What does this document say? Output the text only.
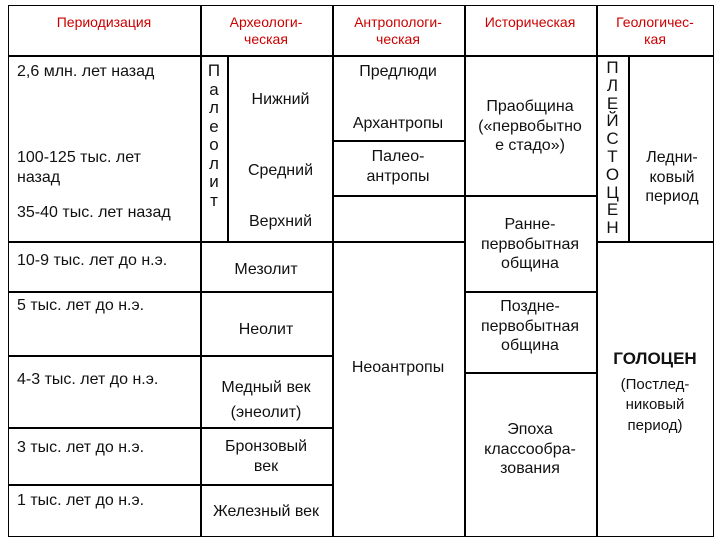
Периодизация	Археологи-
ческая
Антропологи-
ческая
Историческая	Геологичес-
кая
2,6 млн. лет назад
100-125 тыс. лет
назад
35-40 тыс. лет назад
10-9 тыс. лет до н.э.
5 тыс. лет до н.э.
4-3 тыс. лет до н.э.
3 тыс. лет до н.э.
1 тыс. лет до н.э.
П
а
л
е
о
л
и
т
Нижний
Средний
Верхний
Мезолит
Неолит
Медный век
(энеолит)
Бронзовый
век
Железный век
Предлюди
Архантропы
Палео-
антропы
Неоантропы
Праобщина
(«первобытно
е стадо»)
Ранне-
первобытная
община
Поздне-
первобытная
община
Эпоха
классообра-
зования
П
Л
Е
Й
С
Т
О
Ц
Е
Н
Ледни-
ковый
период
ГОЛОЦЕН
(Постлед-
никовый
период)
